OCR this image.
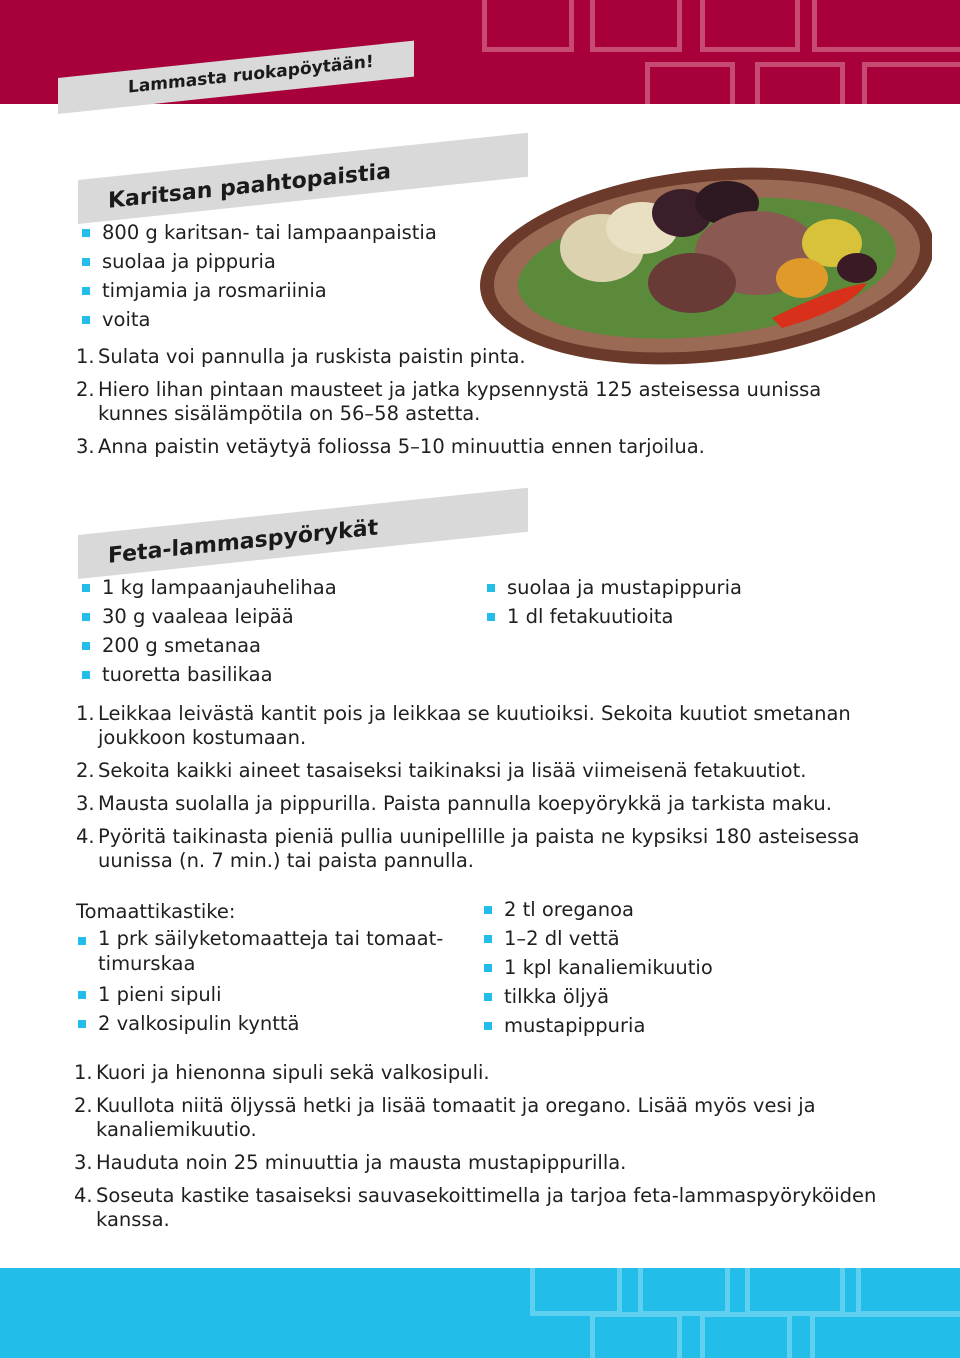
Lammasta ruokapöytään!
Karitsan paahtopaistia
800 g karitsan- tai lampaanpaistia
suolaa ja pippuria
timjamia ja rosmariinia
voita
1. Sulata voi pannulla ja ruskista paistin pinta.
2. Hiero lihan pintaan mausteet ja jatka kypsennystä 125 asteisessa uunissa kunnes sisälämpötila on 56–58 astetta.
3. Anna paistin vetäytyä foliossa 5–10 minuuttia ennen tarjoilua.
Feta-lammaspyörykät
1 kg lampaanjauhelihaa
30 g vaaleaa leipää
200 g smetanaa
tuoretta basilikaa
suolaa ja mustapippuria
1 dl fetakuutioita
1. Leikkaa leivästä kantit pois ja leikkaa se kuutioiksi. Sekoita kuutiot smetanan joukkoon kostumaan.
2. Sekoita kaikki aineet tasaiseksi taikinaksi ja lisää viimeisenä fetakuutiot.
3. Mausta suolalla ja pippurilla. Paista pannulla koepyörykkä ja tarkista maku.
4. Pyöritä taikinasta pieniä pullia uunipellille ja paista ne kypsiksi 180 asteisessa uunissa (n. 7 min.) tai paista pannulla.
Tomaattikastike:
1 prk säilyketomaatteja tai tomaat-timurskaa
1 pieni sipuli
2 valkosipulin kynttä
2 tl oreganoa
1–2 dl vettä
1 kpl kanaliemikuutio
tilkka öljyä
mustapippuria
1. Kuori ja hienonna sipuli sekä valkosipuli.
2. Kuullota niitä öljyssä hetki ja lisää tomaatit ja oregano. Lisää myös vesi ja kanaliemikuutio.
3. Hauduta noin 25 minuuttia ja mausta mustapippurilla.
4. Soseuta kastike tasaiseksi sauvasekoittimella ja tarjoa feta-lammaspyöryköiden kanssa.
